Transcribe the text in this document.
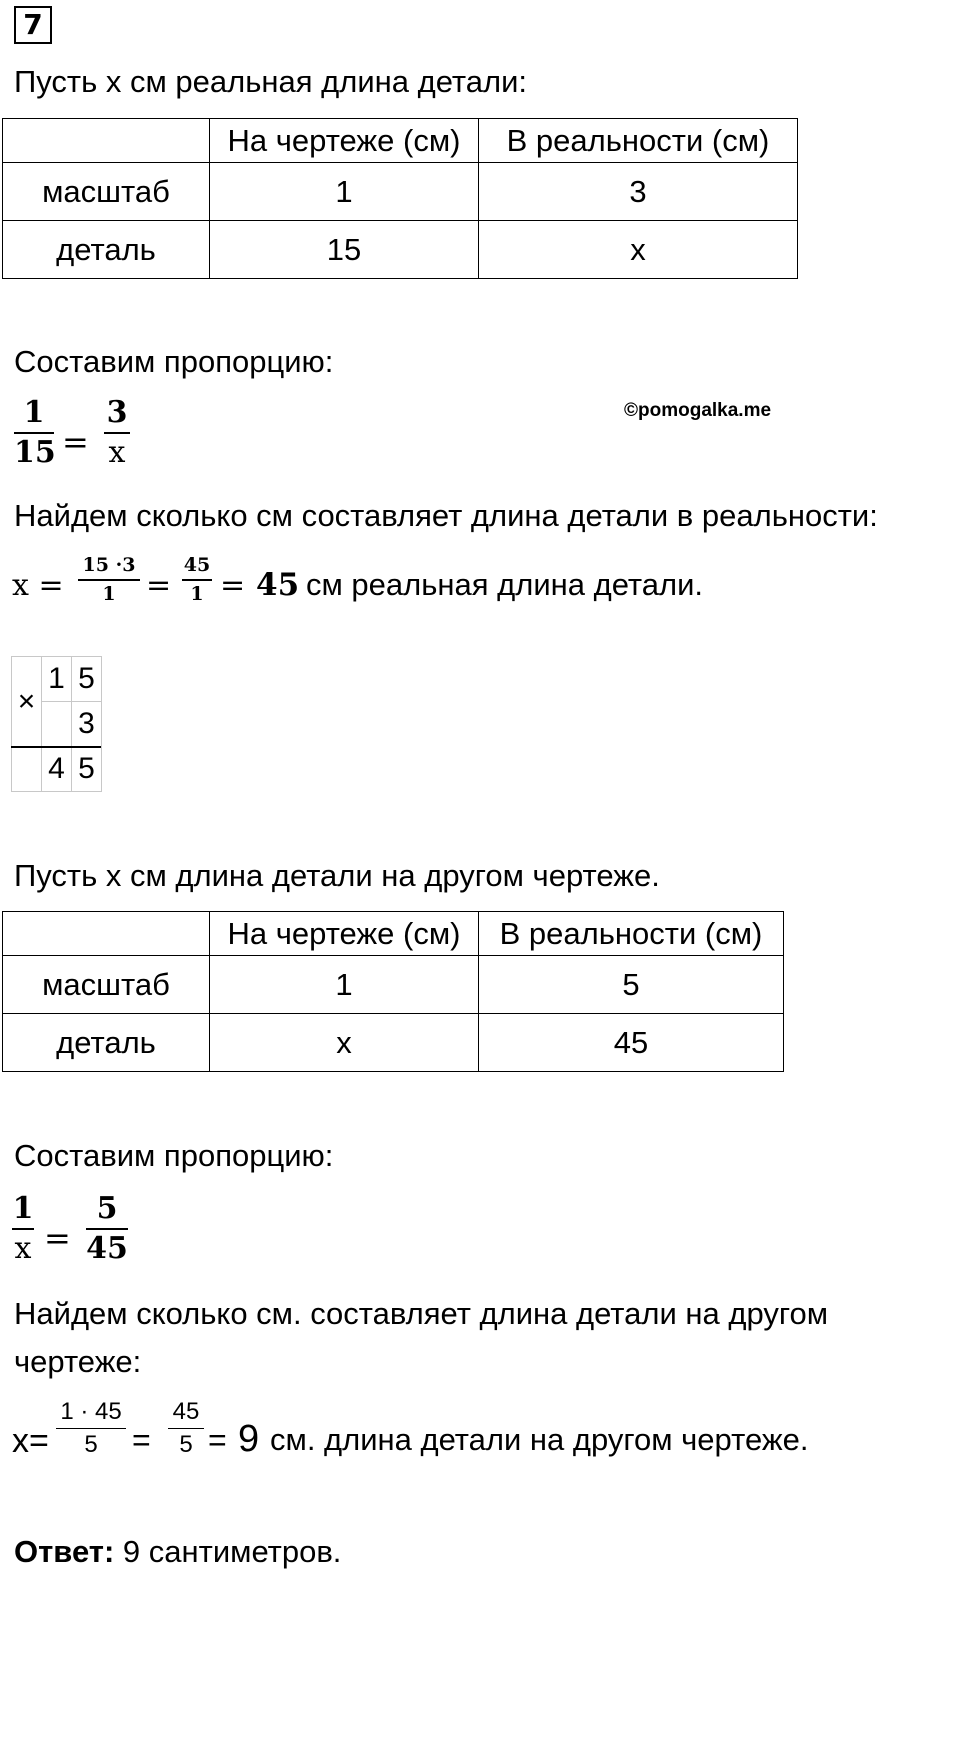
7
Пусть x см реальная длина детали:
	На чертеже (см)	В реальности (см)
масштаб	1	3
деталь	15	x
Составим пропорцию:
1
15 =
3
x
©pomogalka.me
Найдем сколько см составляет длина детали в реальности:
x =
15 ·3
1	=
45
1 = 45 см реальная длина детали.
×	1	5
		3
	4	5
Пусть x см длина детали на другом чертеже.
	На чертеже (см)	В реальности (см)
масштаб	1	5
деталь	x	45
Составим пропорцию:
1
x =
5
45
Найдем сколько см. составляет длина детали на другом
чертеже:
x=
1 · 45
5	=
45
5 = 9 см. длина детали на другом чертеже.
Ответ: 9 сантиметров.
